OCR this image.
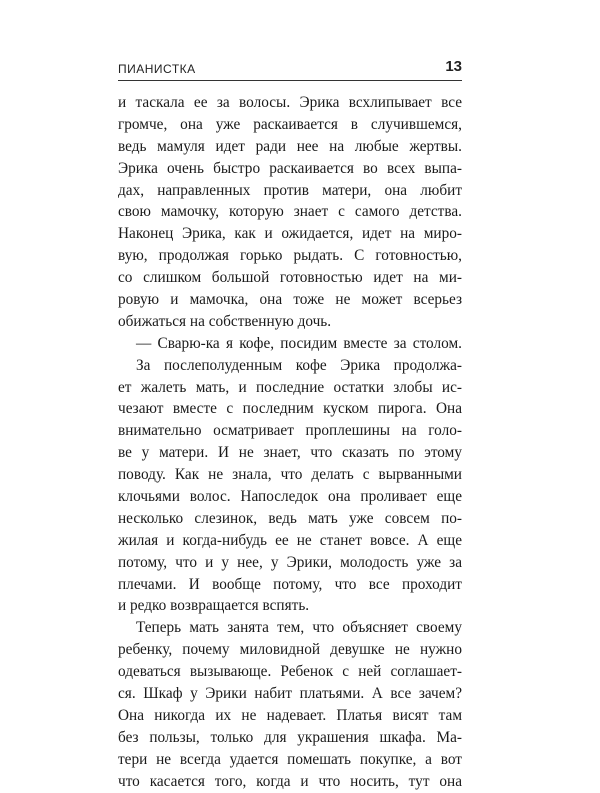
ПИАНИСТКА	13
и таскала ее за волосы. Эрика всхлипывает все
громче, она уже раскаивается в случившемся,
ведь мамуля идет ради нее на любые жертвы.
Эрика очень быстро раскаивается во всех выпа-
дах, направленных против матери, она любит
свою мамочку, которую знает с самого детства.
Наконец Эрика, как и ожидается, идет на миро-
вую, продолжая горько рыдать. С готовностью,
со слишком большой готовностью идет на ми-
ровую и мамочка, она тоже не может всерьез
обижаться на собственную дочь.
— Сварю-ка я кофе, посидим вместе за столом.
За послеполуденным кофе Эрика продолжа-
ет жалеть мать, и последние остатки злобы ис-
чезают вместе с последним куском пирога. Она
внимательно осматривает проплешины на голо-
ве у матери. И не знает, что сказать по этому
поводу. Как не знала, что делать с вырванными
клочьями волос. Напоследок она проливает еще
несколько слезинок, ведь мать уже совсем по-
жилая и когда-нибудь ее не станет вовсе. А еще
потому, что и у нее, у Эрики, молодость уже за
плечами. И вообще потому, что все проходит
и редко возвращается вспять.
Теперь мать занята тем, что объясняет своему
ребенку, почему миловидной девушке не нужно
одеваться вызывающе. Ребенок с ней соглашает-
ся. Шкаф у Эрики набит платьями. А все зачем?
Она никогда их не надевает. Платья висят там
без пользы, только для украшения шкафа. Ма-
тери не всегда удается помешать покупке, а вот
что касается того, когда и что носить, тут она
